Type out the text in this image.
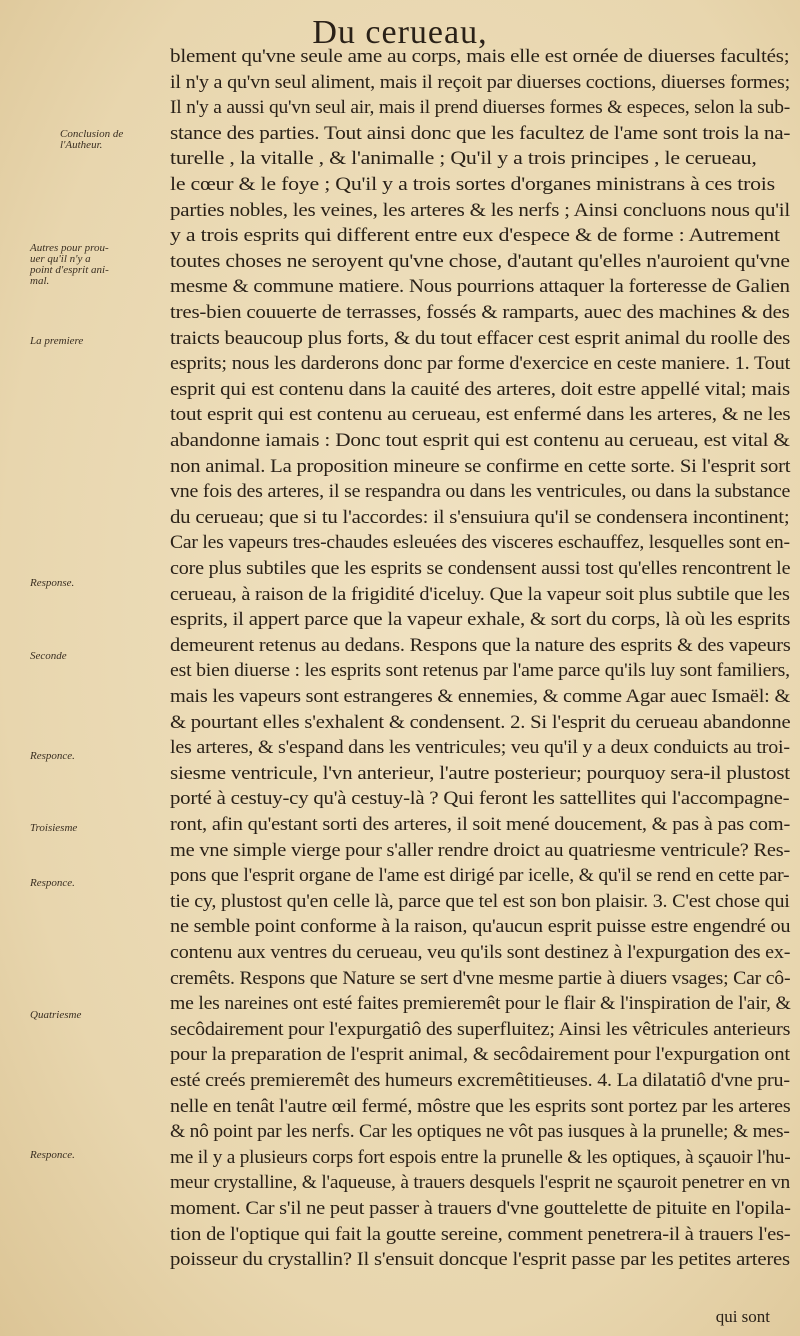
Du cerueau,
Conclusion de
l'Autheur.
Autres pour prou-
uer qu'il n'y a
point d'esprit ani-
mal.
La premiere
Response.
Seconde
Responce.
Troisiesme
Responce.
Quatriesme
Responce.
blement qu'vne seule ame au corps, mais elle est ornée de diuerses facultés;
il n'y a qu'vn seul aliment, mais il reçoit par diuerses coctions, diuerses formes;
Il n'y a aussi qu'vn seul air, mais il prend diuerses formes & especes, selon la sub-
stance des parties. Tout ainsi donc que les facultez de l'ame sont trois la na-
turelle , la vitalle , & l'animalle ; Qu'il y a trois principes , le cerueau,
le cœur & le foye ; Qu'il y a trois sortes d'organes ministrans à ces trois
parties nobles, les veines, les arteres & les nerfs ; Ainsi concluons nous qu'il
y a trois esprits qui different entre eux d'espece & de forme : Autrement
toutes choses ne seroyent qu'vne chose, d'autant qu'elles n'auroient qu'vne
mesme & commune matiere. Nous pourrions attaquer la forteresse de Galien
tres-bien couuerte de terrasses, fossés & ramparts, auec des machines & des
traicts beaucoup plus forts, & du tout effacer cest esprit animal du roolle des
esprits; nous les darderons donc par forme d'exercice en ceste maniere. 1. Tout
esprit qui est contenu dans la cauité des arteres, doit estre appellé vital; mais
tout esprit qui est contenu au cerueau, est enfermé dans les arteres, & ne les
abandonne iamais : Donc tout esprit qui est contenu au cerueau, est vital &
non animal. La proposition mineure se confirme en cette sorte. Si l'esprit sort
vne fois des arteres, il se respandra ou dans les ventricules, ou dans la substance
du cerueau; que si tu l'accordes: il s'ensuiura qu'il se condensera incontinent;
Car les vapeurs tres-chaudes esleuées des visceres eschauffez, lesquelles sont en-
core plus subtiles que les esprits se condensent aussi tost qu'elles rencontrent le
cerueau, à raison de la frigidité d'iceluy. Que la vapeur soit plus subtile que les
esprits, il appert parce que la vapeur exhale, & sort du corps, là où les esprits
demeurent retenus au dedans. Respons que la nature des esprits & des vapeurs
est bien diuerse : les esprits sont retenus par l'ame parce qu'ils luy sont familiers,
mais les vapeurs sont estrangeres & ennemies, & comme Agar auec Ismaël: &
& pourtant elles s'exhalent & condensent. 2. Si l'esprit du cerueau abandonne
les arteres, & s'espand dans les ventricules; veu qu'il y a deux conduicts au troi-
siesme ventricule, l'vn anterieur, l'autre posterieur; pourquoy sera-il plustost
porté à cestuy-cy qu'à cestuy-là ? Qui feront les sattellites qui l'accompagne-
ront, afin qu'estant sorti des arteres, il soit mené doucement, & pas à pas com-
me vne simple vierge pour s'aller rendre droict au quatriesme ventricule? Res-
pons que l'esprit organe de l'ame est dirigé par icelle, & qu'il se rend en cette par-
tie cy, plustost qu'en celle là, parce que tel est son bon plaisir. 3. C'est chose qui
ne semble point conforme à la raison, qu'aucun esprit puisse estre engendré ou
contenu aux ventres du cerueau, veu qu'ils sont destinez à l'expurgation des ex-
cremêts. Respons que Nature se sert d'vne mesme partie à diuers vsages; Car cô-
me les nareines ont esté faites premieremêt pour le flair & l'inspiration de l'air, &
secôdairement pour l'expurgatiô des superfluitez; Ainsi les vêtricules anterieurs
pour la preparation de l'esprit animal, & secôdairement pour l'expurgation ont
esté creés premieremêt des humeurs excremêtitieuses. 4. La dilatatiô d'vne pru-
nelle en tenât l'autre œil fermé, môstre que les esprits sont portez par les arteres
& nô point par les nerfs. Car les optiques ne vôt pas iusques à la prunelle; & mes-
me il y a plusieurs corps fort espois entre la prunelle & les optiques, à sçauoir l'hu-
meur crystalline, & l'aqueuse, à trauers desquels l'esprit ne sçauroit penetrer en vn
moment. Car s'il ne peut passer à trauers d'vne gouttelette de pituite en l'opila-
tion de l'optique qui fait la goutte sereine, comment penetrera-il à trauers l'es-
poisseur du crystallin? Il s'ensuit doncque l'esprit passe par les petites arteres
qui sont
